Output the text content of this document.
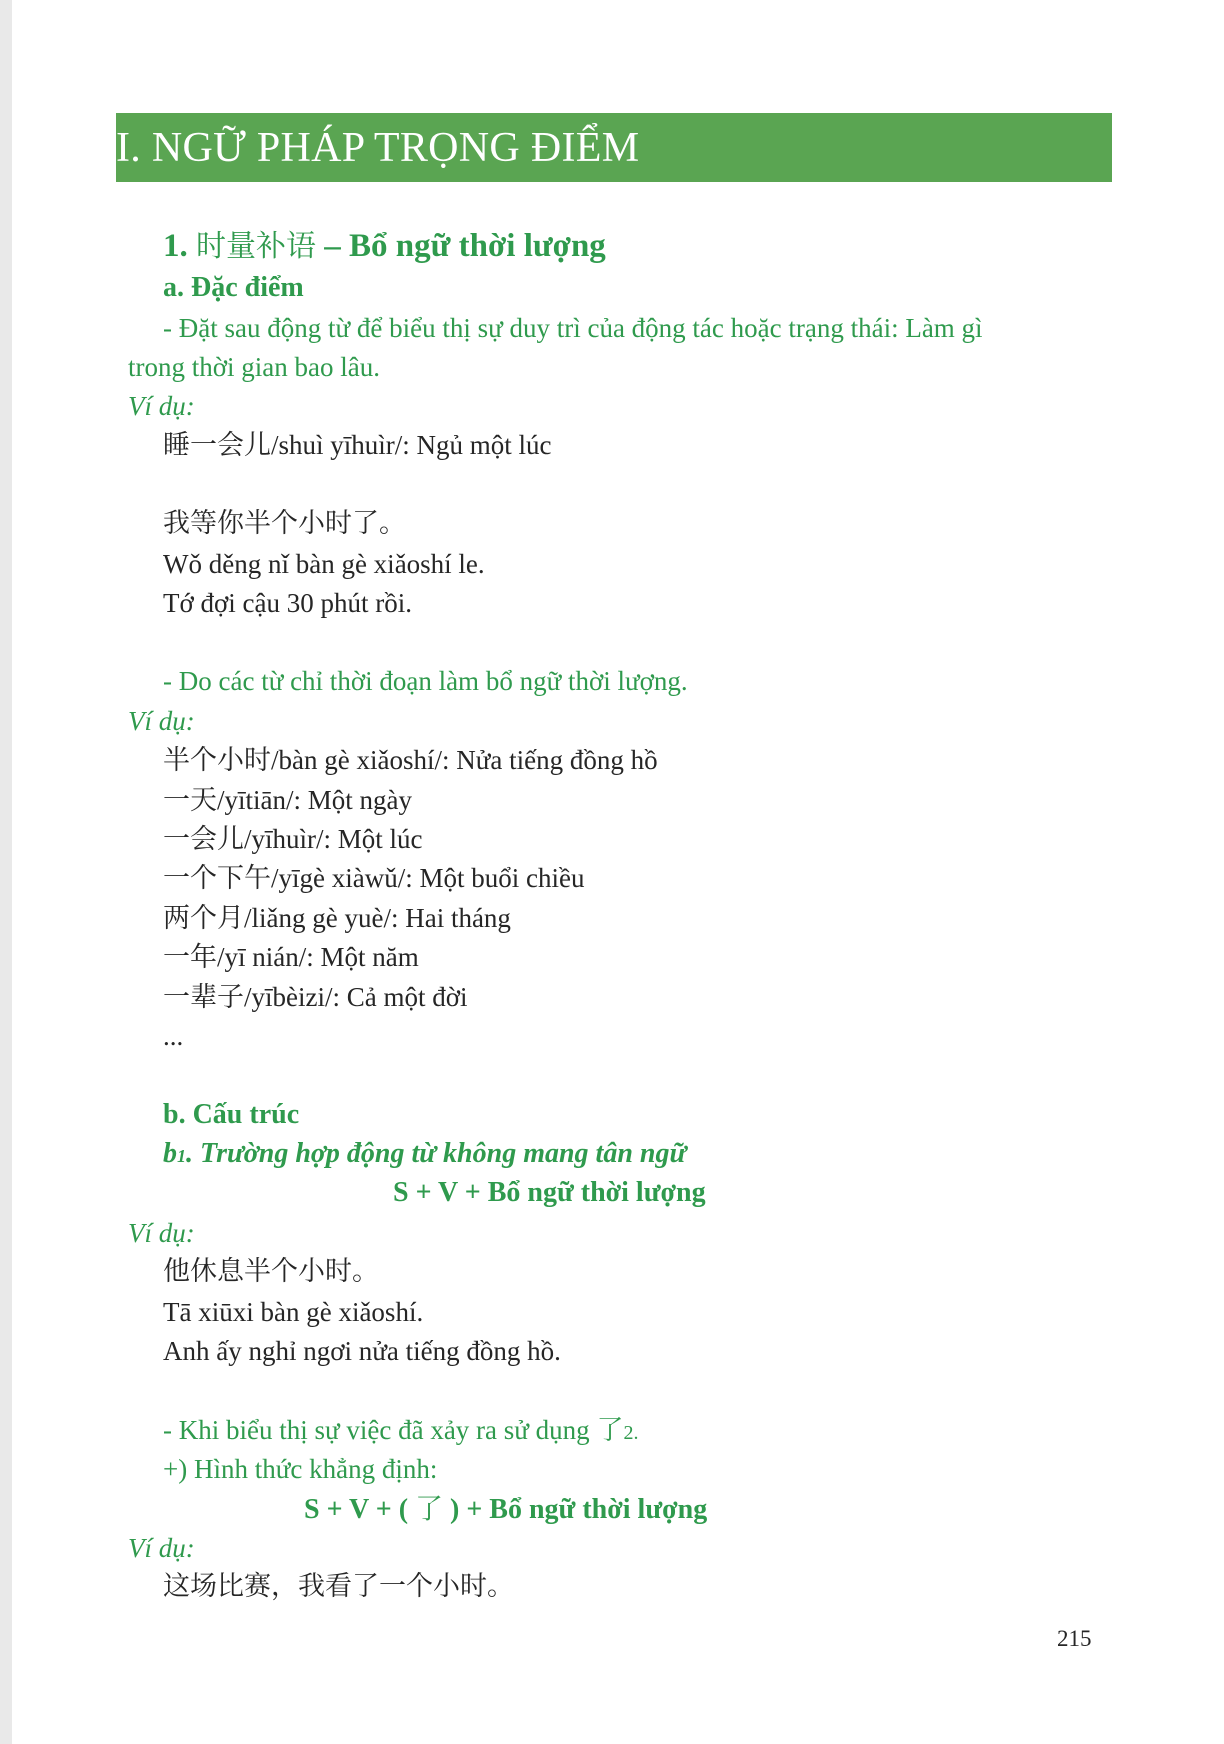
I. NGỮ PHÁP TRỌNG ĐIỂM
1. 时量补语 – Bổ ngữ thời lượng
a. Đặc điểm
- Đặt sau động từ để biểu thị sự duy trì của động tác hoặc trạng thái: Làm gì
trong thời gian bao lâu.
Ví dụ:
睡一会儿/shuì yīhuìr/: Ngủ một lúc
我等你半个小时了。
Wǒ děng nǐ bàn gè xiǎoshí le.
Tớ đợi cậu 30 phút rồi.
- Do các từ chỉ thời đoạn làm bổ ngữ thời lượng.
Ví dụ:
半个小时/bàn gè xiǎoshí/: Nửa tiếng đồng hồ
一天/yītiān/: Một ngày
一会儿/yīhuìr/: Một lúc
一个下午/yīgè xiàwǔ/: Một buổi chiều
两个月/liǎng gè yuè/: Hai tháng
一年/yī nián/: Một năm
一辈子/yībèizi/: Cả một đời
...
b. Cấu trúc
b1. Trường hợp động từ không mang tân ngữ
S + V + Bổ ngữ thời lượng
Ví dụ:
他休息半个小时。
Tā xiūxi bàn gè xiǎoshí.
Anh ấy nghỉ ngơi nửa tiếng đồng hồ.
- Khi biểu thị sự việc đã xảy ra sử dụng 了2.
+) Hình thức khẳng định:
S + V + ( 了 ) + Bổ ngữ thời lượng
Ví dụ:
这场比赛，我看了一个小时。
215
